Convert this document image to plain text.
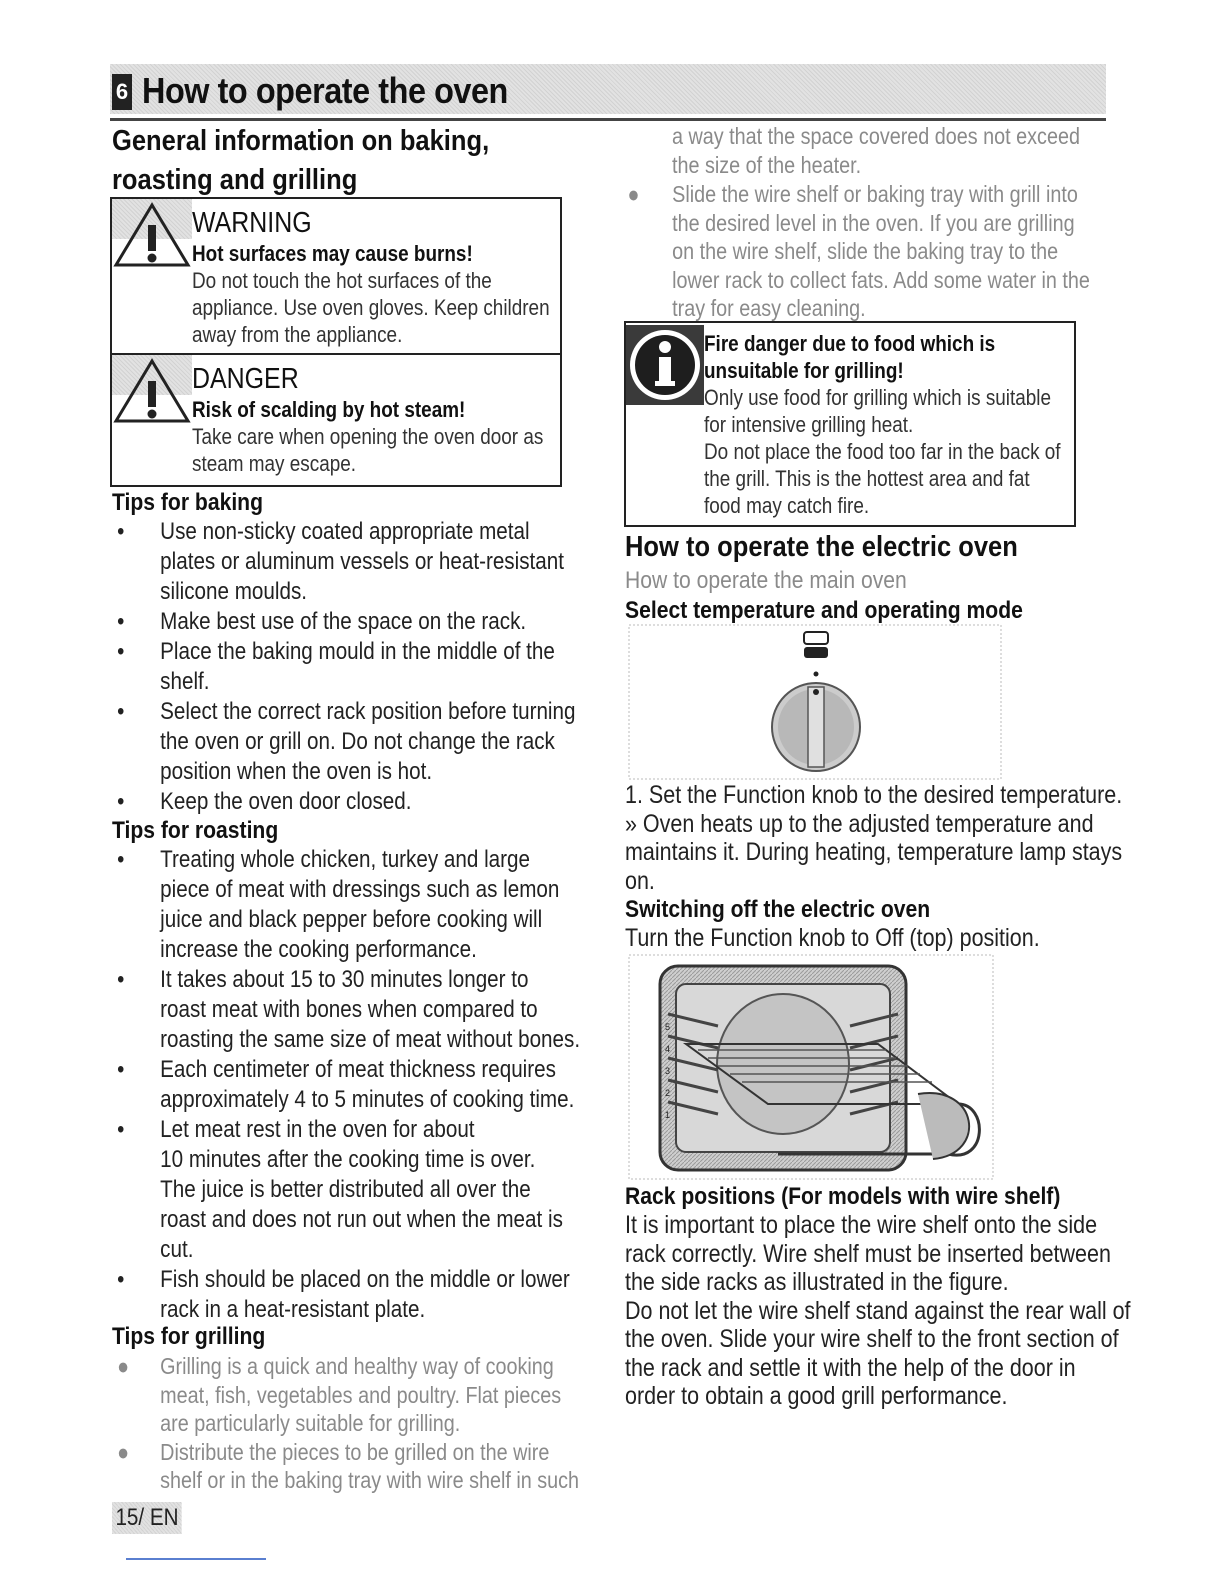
6 How to operate the oven
General information on baking,
roasting and grilling
WARNING
Hot surfaces may cause burns!
Do not touch the hot surfaces of the
appliance. Use oven gloves. Keep children
away from the appliance.
DANGER
Risk of scalding by hot steam!
Take care when opening the oven door as
steam may escape.
Tips for baking
• Use non-sticky coated appropriate metal
plates or aluminum vessels or heat-resistant
silicone moulds.
• Make best use of the space on the rack.
• Place the baking mould in the middle of the
shelf.
• Select the correct rack position before turning
the oven or grill on. Do not change the rack
position when the oven is hot.
• Keep the oven door closed.
Tips for roasting
• Treating whole chicken, turkey and large
piece of meat with dressings such as lemon
juice and black pepper before cooking will
increase the cooking performance.
• It takes about 15 to 30 minutes longer to
roast meat with bones when compared to
roasting the same size of meat without bones.
• Each centimeter of meat thickness requires
approximately 4 to 5 minutes of cooking time.
• Let meat rest in the oven for about
10 minutes after the cooking time is over.
The juice is better distributed all over the
roast and does not run out when the meat is
cut.
• Fish should be placed on the middle or lower
rack in a heat-resistant plate.
Tips for grilling
● Grilling is a quick and healthy way of cooking
meat, fish, vegetables and poultry. Flat pieces
are particularly suitable for grilling.
● Distribute the pieces to be grilled on the wire
shelf or in the baking tray with wire shelf in such
15/ EN
a way that the space covered does not exceed
the size of the heater.
● Slide the wire shelf or baking tray with grill into
the desired level in the oven. If you are grilling
on the wire shelf, slide the baking tray to the
lower rack to collect fats. Add some water in the
tray for easy cleaning.
Fire danger due to food which is
unsuitable for grilling!
Only use food for grilling which is suitable
for intensive grilling heat.
Do not place the food too far in the back of
the grill. This is the hottest area and fat
food may catch fire.
How to operate the electric oven
How to operate the main oven
Select temperature and operating mode
1. Set the Function knob to the desired temperature.
» Oven heats up to the adjusted temperature and
maintains it. During heating, temperature lamp stays
on.
Switching off the electric oven
Turn the Function knob to Off (top) position.
5
4
3
2
1
Rack positions (For models with wire shelf)
It is important to place the wire shelf onto the side
rack correctly. Wire shelf must be inserted between
the side racks as illustrated in the figure.
Do not let the wire shelf stand against the rear wall of
the oven. Slide your wire shelf to the front section of
the rack and settle it with the help of the door in
order to obtain a good grill performance.
